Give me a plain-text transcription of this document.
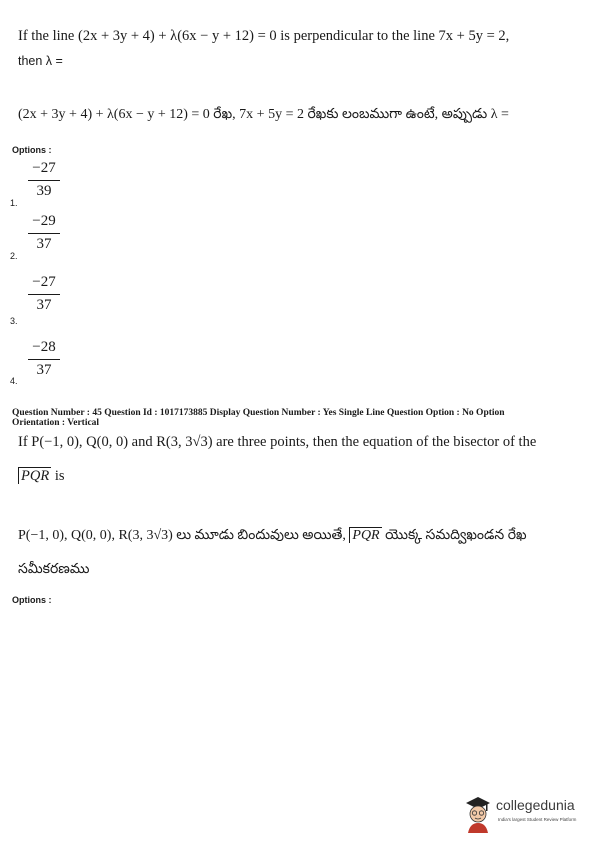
If the line (2x + 3y + 4) + λ(6x − y + 12) = 0 is perpendicular to the line 7x + 5y = 2,
then λ =
(2x + 3y + 4) + λ(6x − y + 12) = 0 రేఖ, 7x + 5y = 2 రేఖకు లంబముగా ఉంటే, అప్పుడు λ =
Options :
−27
39
1.
−29
37
2.
−27
37
3.
−28
37
4.
Question Number : 45 Question Id : 1017173885 Display Question Number : Yes Single Line Question Option : No Option
Orientation : Vertical
If P(−1, 0), Q(0, 0) and R(3, 3√3) are three points, then the equation of the bisector of the
PQR is
P(−1, 0), Q(0, 0), R(3, 3√3) లు మూడు బిందువులు అయితే, PQR యొక్క సమద్విఖండన రేఖ
సమీకరణము
Options :
collegedunia
India's largest Student Review Platform
